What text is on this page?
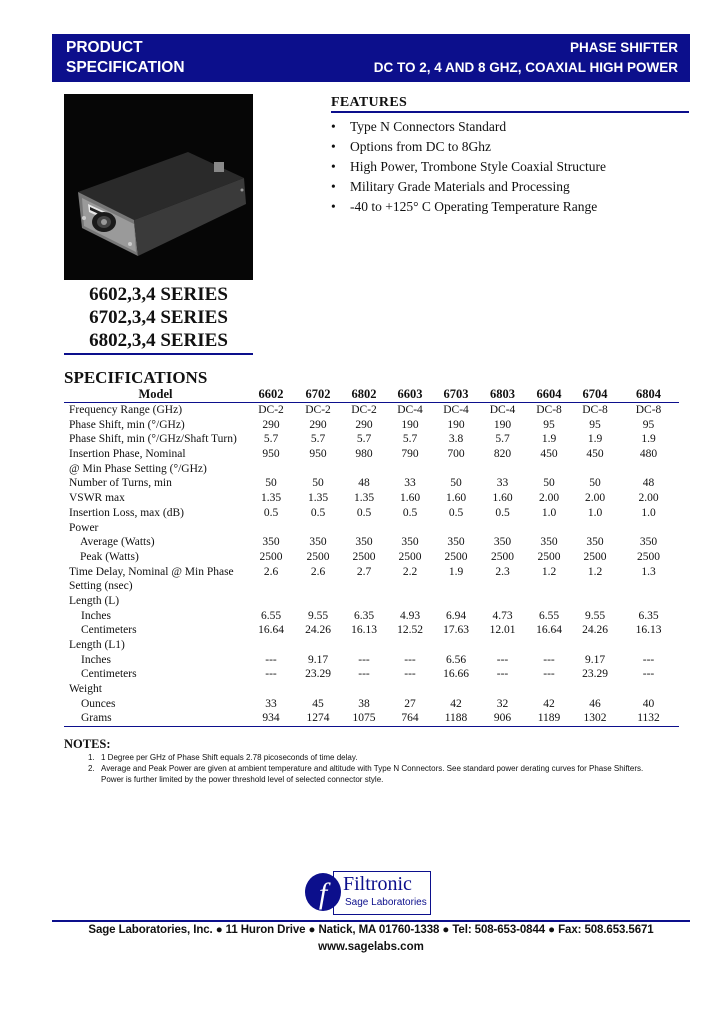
PRODUCT
SPECIFICATION
PHASE SHIFTER
DC TO 2, 4 AND 8 GHZ, COAXIAL HIGH POWER
6602,3,4 SERIES
6702,3,4 SERIES
6802,3,4 SERIES
FEATURES
• Type N Connectors Standard
• Options from DC to 8Ghz
• High Power, Trombone Style Coaxial Structure
• Military Grade Materials and Processing
• -40 to +125° C Operating Temperature Range
SPECIFICATIONS
Model	6602	6702	6802	6603	6703	6803	6604	6704	6804
Frequency Range (GHz)	DC-2	DC-2	DC-2	DC-4	DC-4	DC-4	DC-8	DC-8	DC-8
Phase Shift, min (°/GHz)	290	290	290	190	190	190	95	95	95
Phase Shift, min (°/GHz/Shaft Turn)	5.7	5.7	5.7	5.7	3.8	5.7	1.9	1.9	1.9
Insertion Phase, Nominal	950	950	980	790	700	820	450	450	480
@ Min Phase Setting (°/GHz)									
Number of Turns, min	50	50	48	33	50	33	50	50	48
VSWR max	1.35	1.35	1.35	1.60	1.60	1.60	2.00	2.00	2.00
Insertion Loss, max (dB)	0.5	0.5	0.5	0.5	0.5	0.5	1.0	1.0	1.0
Power									
Average (Watts)	350	350	350	350	350	350	350	350	350
Peak (Watts)	2500	2500	2500	2500	2500	2500	2500	2500	2500
Time Delay, Nominal @ Min Phase	2.6	2.6	2.7	2.2	1.9	2.3	1.2	1.2	1.3
Setting (nsec)									
Length (L)									
Inches	6.55	9.55	6.35	4.93	6.94	4.73	6.55	9.55	6.35
Centimeters	16.64	24.26	16.13	12.52	17.63	12.01	16.64	24.26	16.13
Length (L1)									
Inches	---	9.17	---	---	6.56	---	---	9.17	---
Centimeters	---	23.29	---	---	16.66	---	---	23.29	---
Weight									
Ounces	33	45	38	27	42	32	42	46	40
Grams	934	1274	1075	764	1188	906	1189	1302	1132
NOTES:
1. 1 Degree per GHz of Phase Shift equals 2.78 picoseconds of time delay.
2. Average and Peak Power are given at ambient temperature and altitude with Type N Connectors. See standard power derating curves for Phase Shifters. Power is further limited by the power threshold level of selected connector style.
f Filtronic
Sage Laboratories
Sage Laboratories, Inc. ● 11 Huron Drive ● Natick, MA 01760-1338 ● Tel: 508-653-0844 ● Fax: 508.653.5671
www.sagelabs.com
